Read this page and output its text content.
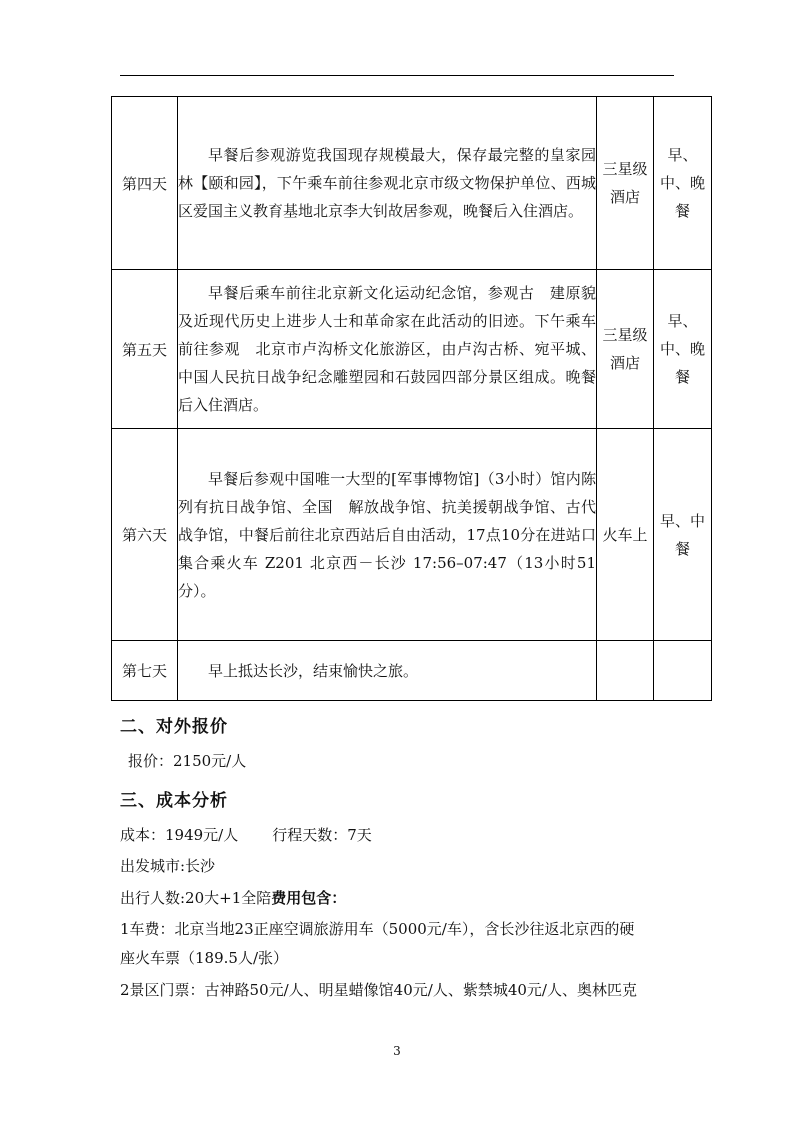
第四天	早餐后参观游览我国现存规模最大，保存最完整的皇家园林【颐和园】，下午乘车前往参观北京市级文物保护单位、西城区爱国主义教育基地北京李大钊故居参观，晚餐后入住酒店。	三星级酒店	早、中、晚餐
第五天	早餐后乘车前往北京新文化运动纪念馆，参观古　建原貌及近现代历史上进步人士和革命家在此活动的旧迹。下午乘车前往参观　北京市卢沟桥文化旅游区，由卢沟古桥、宛平城、中国人民抗日战争纪念雕塑园和石鼓园四部分景区组成。晚餐后入住酒店。	三星级酒店	早、中、晚餐
第六天	早餐后参观中国唯一大型的[军事博物馆]（3小时）馆内陈列有抗日战争馆、全国　解放战争馆、抗美援朝战争馆、古代战争馆，中餐后前往北京西站后自由活动，17点10分在进站口集合乘火车 Z201 北京西－长沙 17:56–07:47（13小时51分）。	火车上	早、中餐
第七天	早上抵达长沙，结束愉快之旅。		

二、对外报价
报价：2150元/人
三、成本分析
成本：1949元/人 行程天数：7天
出发城市:长沙
出行人数:20大+1全陪费用包含：
1车费：北京当地23正座空调旅游用车（5000元/车），含长沙往返北京西的硬
座火车票（189.5人/张）
2景区门票：古神路50元/人、明星蜡像馆40元/人、紫禁城40元/人、奥林匹克
3
